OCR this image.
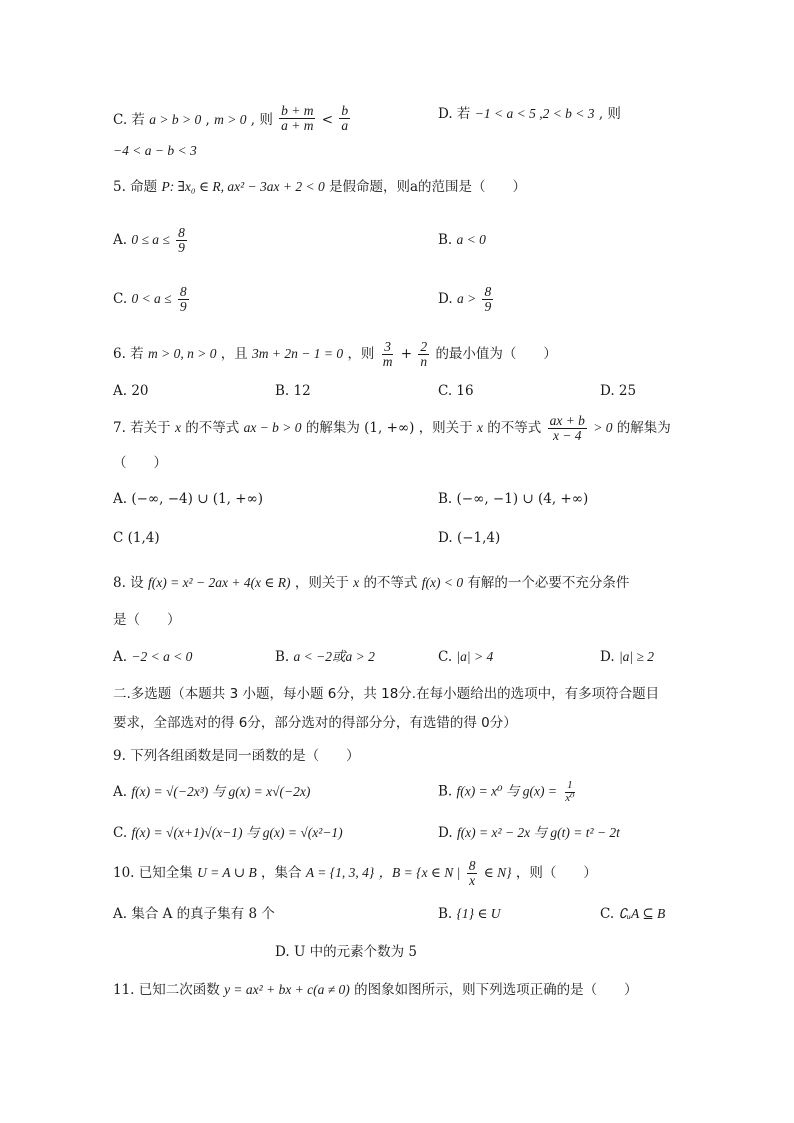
C. 若 a > b > 0 , m > 0 , 则 $\frac{b + m}{a + m} < \frac{b}{a}$	D. 若 −1 < a < 5 ,2 < b < 3 , 则
−4 < a − b < 3
5. 命题 P: ∃x₀ ∈ R, ax² − 3ax + 2 < 0 是假命题，则a的范围是（　　）
A. $0 \le a \le \frac{8}{9}$	B. a < 0
C. $0 < a \le \frac{8}{9}$	D. $a > \frac{8}{9}$
6. 若 m > 0, n > 0 ，且 3m + 2n − 1 = 0 ，则 $\frac{3}{m} + \frac{2}{n}$ 的最小值为（　　）
A. 20	B. 12	C. 16	D. 25
7. 若关于 x 的不等式 ax − b > 0 的解集为 (1, +∞) ，则关于 x 的不等式 $\frac{ax + b}{x - 4} > 0$ 的解集为
（　　）
A. (−∞, −4) ∪ (1, +∞)	B. (−∞, −1) ∪ (4, +∞)
C (1,4)	D. (−1,4)
8. 设 f(x) = x² − 2ax + 4(x ∈ R) ，则关于 x 的不等式 f(x) < 0 有解的一个必要不充分条件
是（　　）
A. −2 < a < 0	B. a < −2或a > 2	C. |a| > 4	D. |a| ≥ 2
二.多选题（本题共 3 小题，每小题 6分，共 18分.在每小题给出的选项中，有多项符合题目
要求，全部选对的得 6分，部分选对的得部分分，有选错的得 0分）
9. 下列各组函数是同一函数的是（　　）
A. f(x) = √(−2x³) 与 g(x) = x√(−2x)	B. f(x) = x⁰ 与 $g(x) = \frac{1}{\text{x⁰}}$
C. f(x) = √(x+1)√(x−1) 与 g(x) = √(x²−1)	D. f(x) = x² − 2x 与 g(t) = t² − 2t
10. 已知全集 U = A ∪ B ，集合 A = {1, 3, 4} ，B = {x ∈ N | $\frac{8}{x}$ ∈ N} ，则（　　）
A. 集合 A 的真子集有 8 个	B. {1} ∈ U	C. ∁ᵤA ⊆ B
D. U 中的元素个数为 5
11. 已知二次函数 y = ax² + bx + c(a ≠ 0) 的图象如图所示，则下列选项正确的是（　　）
